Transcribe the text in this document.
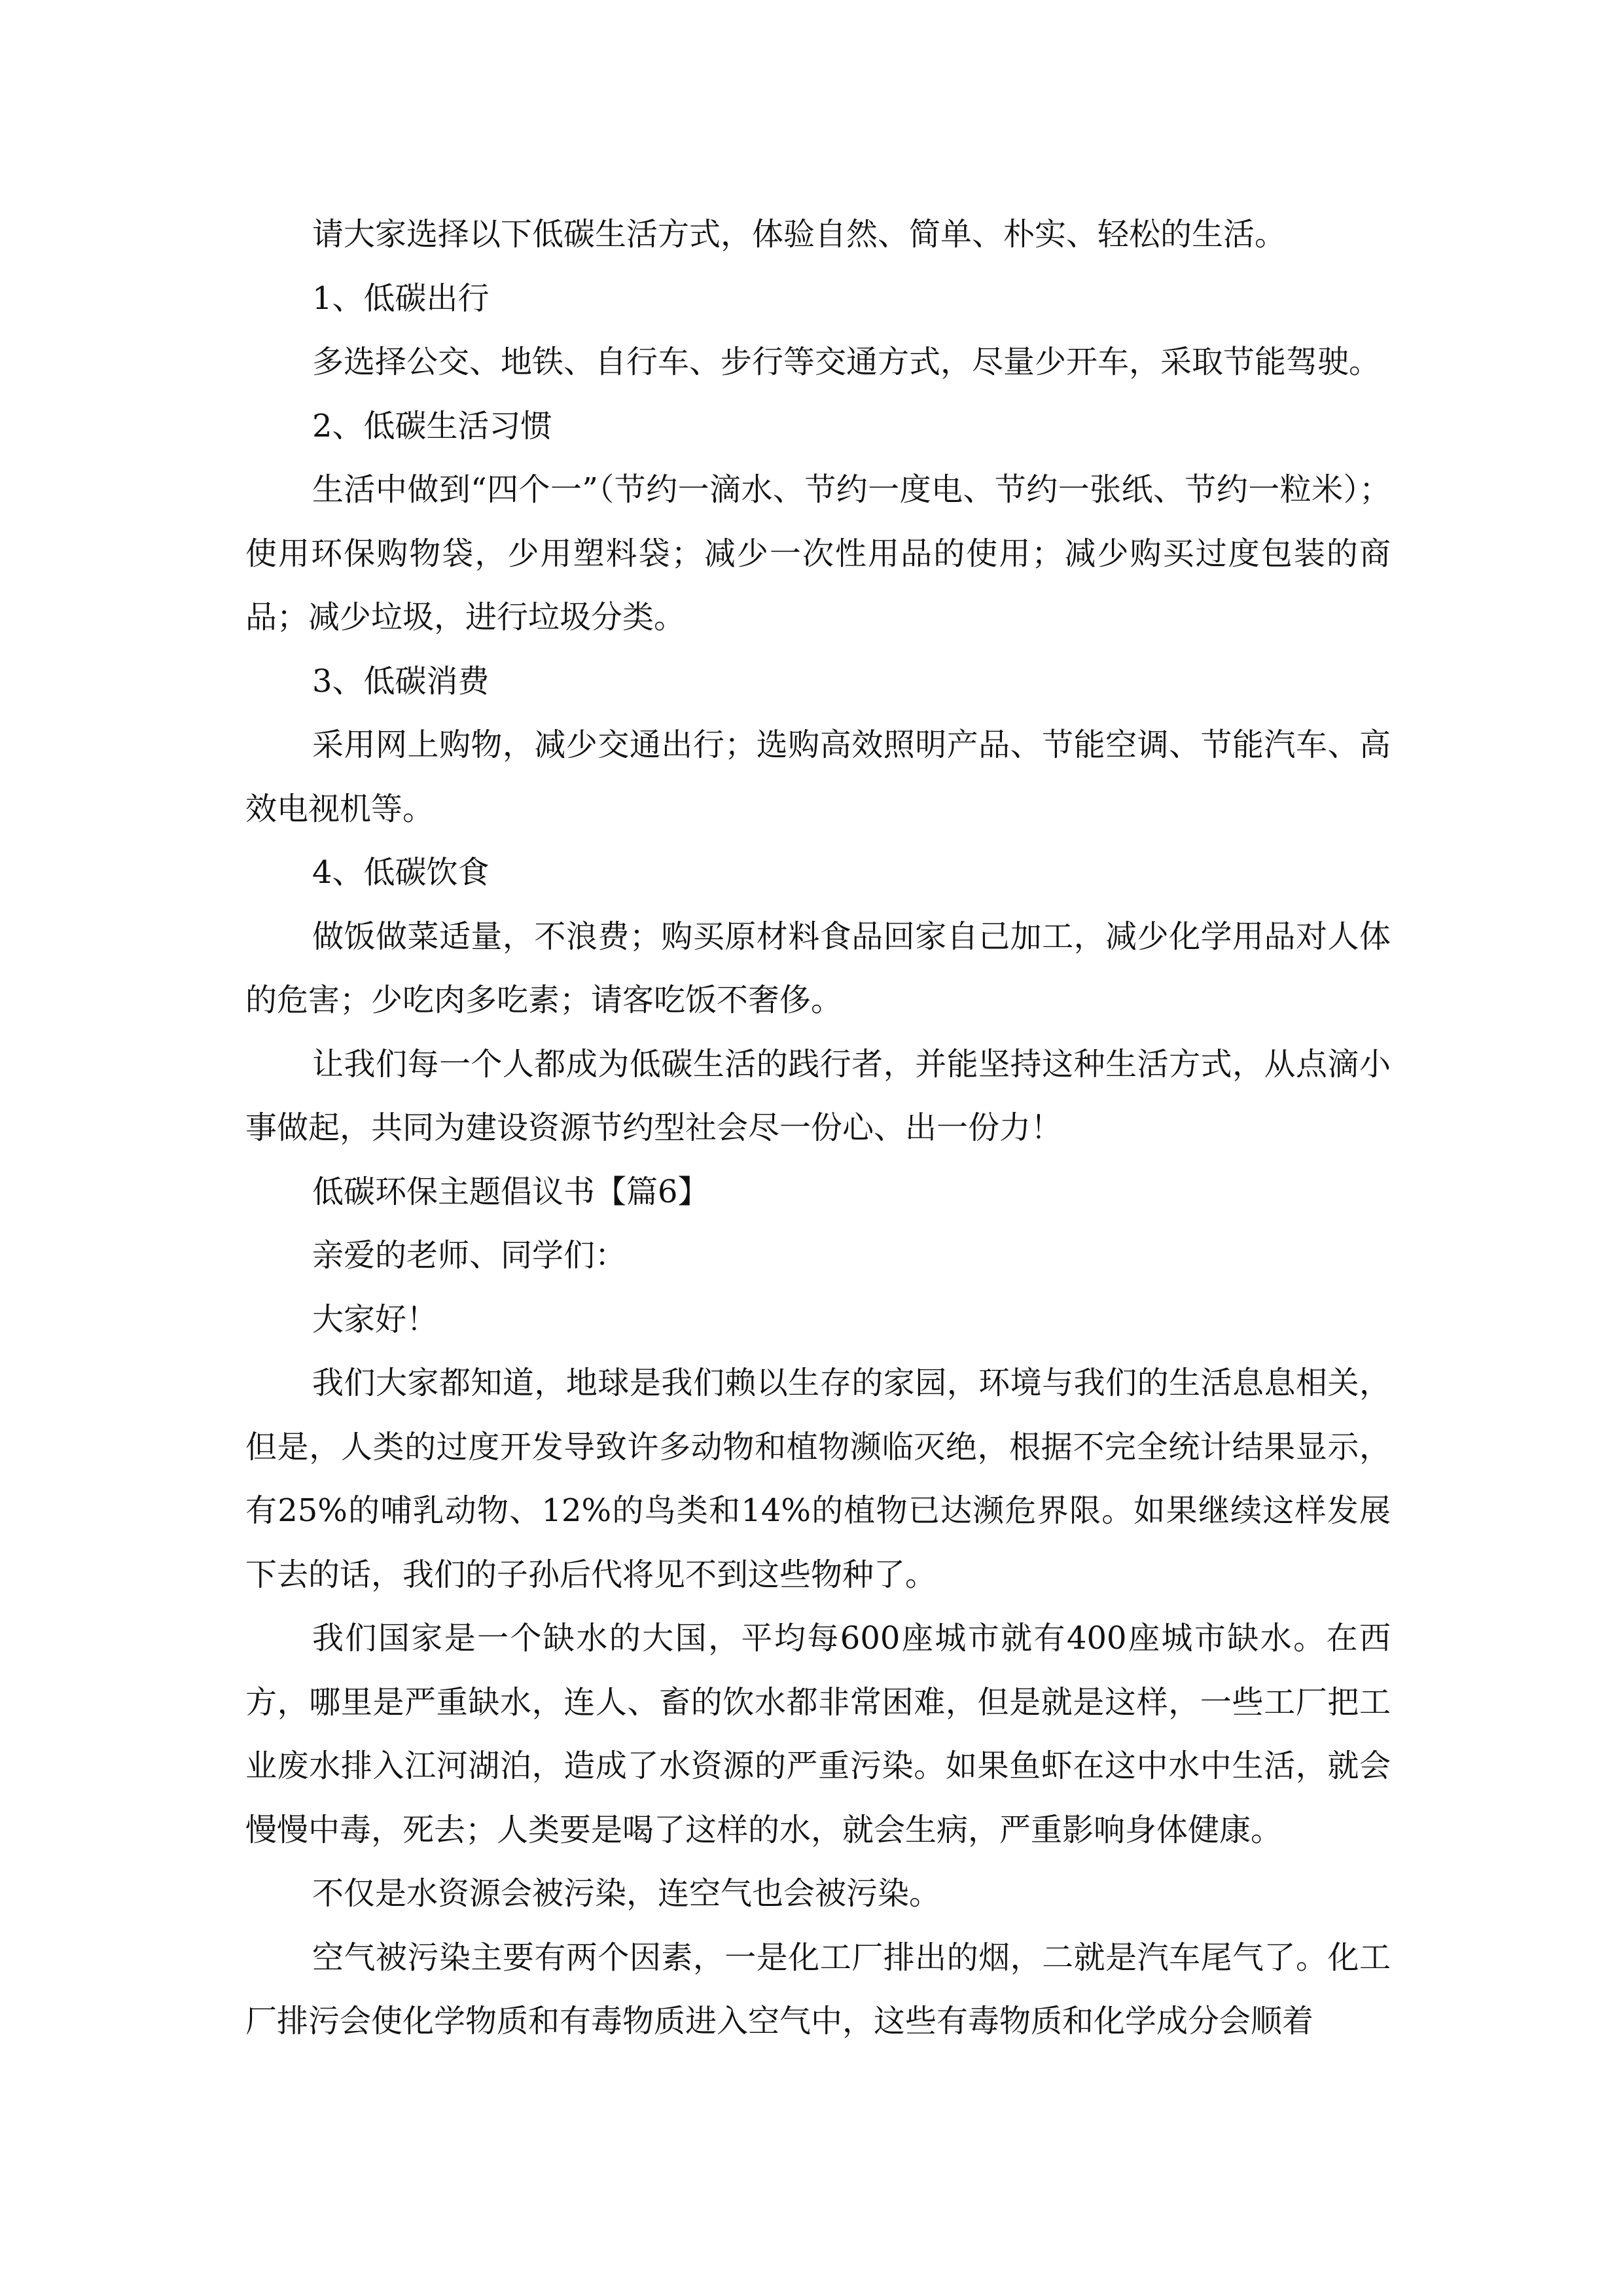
请大家选择以下低碳生活方式，体验自然、简单、朴实、轻松的生活。

1、低碳出行

多选择公交、地铁、自行车、步行等交通方式，尽量少开车，采取节能驾驶。

2、低碳生活习惯

生活中做到“四个一”（节约一滴水、节约一度电、节约一张纸、节约一粒米）；使用环保购物袋，少用塑料袋；减少一次性用品的使用；减少购买过度包装的商品；减少垃圾，进行垃圾分类。

3、低碳消费

采用网上购物，减少交通出行；选购高效照明产品、节能空调、节能汽车、高效电视机等。

4、低碳饮食

做饭做菜适量，不浪费；购买原材料食品回家自己加工，减少化学用品对人体的危害；少吃肉多吃素；请客吃饭不奢侈。

让我们每一个人都成为低碳生活的践行者，并能坚持这种生活方式，从点滴小事做起，共同为建设资源节约型社会尽一份心、出一份力！

低碳环保主题倡议书【篇6】

亲爱的老师、同学们：

大家好！

我们大家都知道，地球是我们赖以生存的家园，环境与我们的生活息息相关，但是，人类的过度开发导致许多动物和植物濒临灭绝，根据不完全统计结果显示，有25%的哺乳动物、12%的鸟类和14%的植物已达濒危界限。如果继续这样发展下去的话，我们的子孙后代将见不到这些物种了。

我们国家是一个缺水的大国，平均每600座城市就有400座城市缺水。在西方，哪里是严重缺水，连人、畜的饮水都非常困难，但是就是这样，一些工厂把工业废水排入江河湖泊，造成了水资源的严重污染。如果鱼虾在这中水中生活，就会慢慢中毒，死去；人类要是喝了这样的水，就会生病，严重影响身体健康。

不仅是水资源会被污染，连空气也会被污染。

空气被污染主要有两个因素，一是化工厂排出的烟，二就是汽车尾气了。化工厂排污会使化学物质和有毒物质进入空气中，这些有毒物质和化学成分会顺着
